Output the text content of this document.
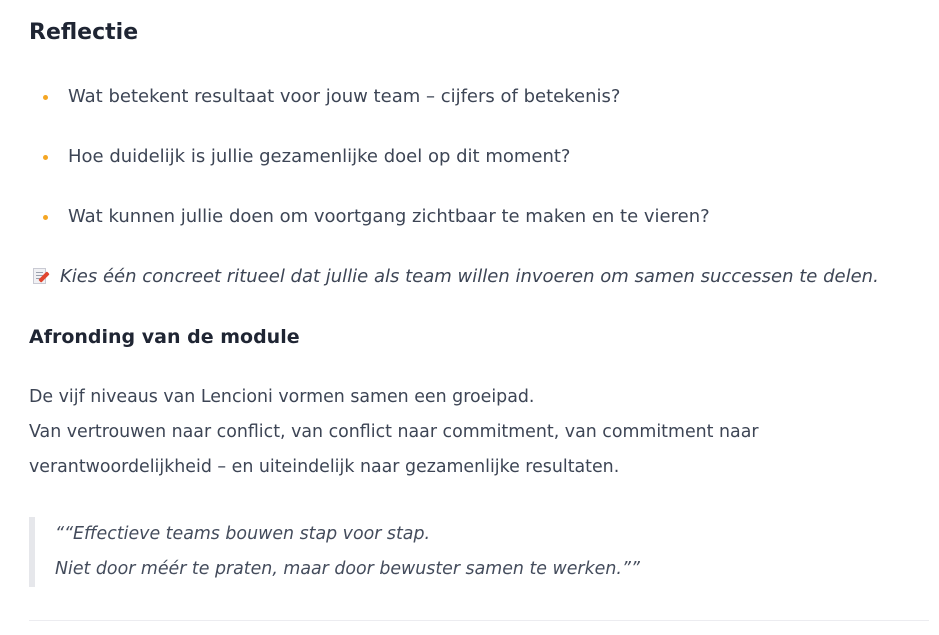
Reflectie
Wat betekent resultaat voor jouw team – cijfers of betekenis?
Hoe duidelijk is jullie gezamenlijke doel op dit moment?
Wat kunnen jullie doen om voortgang zichtbaar te maken en te vieren?
Kies één concreet ritueel dat jullie als team willen invoeren om samen successen te delen.
Afronding van de module

De vijf niveaus van Lencioni vormen samen een groeipad.
Van vertrouwen naar conflict, van conflict naar commitment, van commitment naar
verantwoordelijkheid – en uiteindelijk naar gezamenlijke resultaten.

““Effectieve teams bouwen stap voor stap.
Niet door méér te praten, maar door bewuster samen te werken.””
